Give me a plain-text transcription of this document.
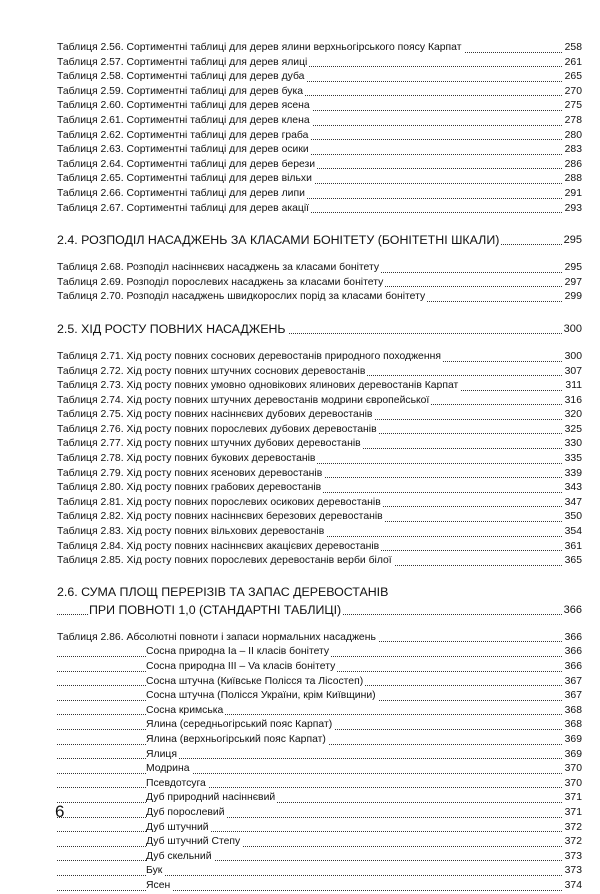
Таблиця 2.56. Сортиментні таблиці для дерев ялини верхньогірського поясу Карпат	258
Таблиця 2.57. Сортиментні таблиці для дерев ялиці	261
Таблиця 2.58. Сортиментні таблиці для дерев дуба	265
Таблиця 2.59. Сортиментні таблиці для дерев бука	270
Таблиця 2.60. Сортиментні таблиці для дерев ясена	275
Таблиця 2.61. Сортиментні таблиці для дерев клена	278
Таблиця 2.62. Сортиментні таблиці для дерев граба	280
Таблиця 2.63. Сортиментні таблиці для дерев осики	283
Таблиця 2.64. Сортиментні таблиці для дерев берези	286
Таблиця 2.65. Сортиментні таблиці для дерев вільхи	288
Таблиця 2.66. Сортиментні таблиці для дерев липи	291
Таблиця 2.67. Сортиментні таблиці для дерев акації	293
2.4. РОЗПОДІЛ НАСАДЖЕНЬ ЗА КЛАСАМИ БОНІТЕТУ (БОНІТЕТНІ ШКАЛИ)	295
Таблиця 2.68. Розподіл насіннєвих насаджень за класами бонітету	295
Таблиця 2.69. Розподіл порослевих насаджень за класами бонітету	297
Таблиця 2.70. Розподіл насаджень швидкорослих порід за класами бонітету	299
2.5. ХІД РОСТУ ПОВНИХ НАСАДЖЕНЬ	300
Таблиця 2.71. Хід росту повних соснових деревостанів природного походження	300
Таблиця 2.72. Хід росту повних штучних соснових деревостанів	307
Таблиця 2.73. Хід росту повних умовно одновікових ялинових деревостанів Карпат	311
Таблиця 2.74. Хід росту повних штучних деревостанів модрини європейської	316
Таблиця 2.75. Хід росту повних насіннєвих дубових деревостанів	320
Таблиця 2.76. Хід росту повних порослевих дубових деревостанів	325
Таблиця 2.77. Хід росту повних штучних дубових деревостанів	330
Таблиця 2.78. Хід росту повних букових деревостанів	335
Таблиця 2.79. Хід росту повних ясенових деревостанів	339
Таблиця 2.80. Хід росту повних грабових деревостанів	343
Таблиця 2.81. Хід росту повних порослевих осикових деревостанів	347
Таблиця 2.82. Хід росту повних насіннєвих березових деревостанів	350
Таблиця 2.83. Хід росту повних вільхових деревостанів	354
Таблиця 2.84. Хід росту повних насіннєвих акацієвих деревостанів	361
Таблиця 2.85. Хід росту повних порослевих деревостанів верби білої	365
2.6. СУМА ПЛОЩ ПЕРЕРІЗІВ ТА ЗАПАС ДЕРЕВОСТАНІВ
ПРИ ПОВНОТІ 1,0 (СТАНДАРТНІ ТАБЛИЦІ)	366
Таблиця 2.86. Абсолютні повноти і запаси нормальних насаджень	366
Сосна природна Іа – ІІ класів бонітету	366
Сосна природна ІІІ – Va класів бонітету	366
Сосна штучна (Київське Полісся та Лісостеп)	367
Сосна штучна (Полісся України, крім Київщини)	367
Сосна кримська	368
Ялина (середньогірський пояс Карпат)	368
Ялина (верхньогірський пояс Карпат)	369
Ялиця	369
Модрина	370
Псевдотсуга	370
Дуб природний насіннєвий	371
Дуб порослевий	371
Дуб штучний	372
Дуб штучний Степу	372
Дуб скельний	373
Бук	373
Ясен	374
6
